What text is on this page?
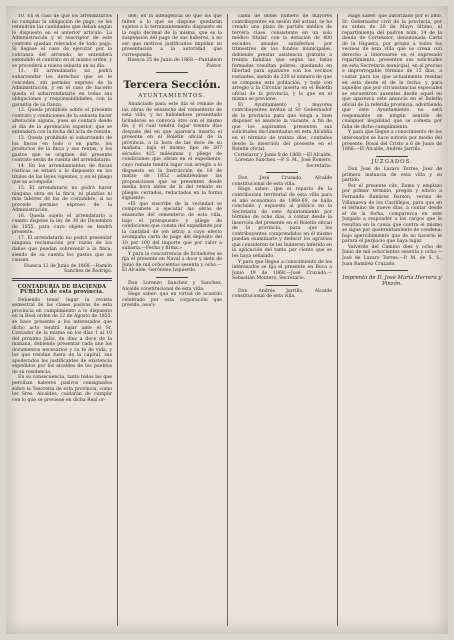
10. En el caso de que los arrendatarios no cumplan la obligación de pago, se les retendrán las cantidades que deban según lo dispuesto en el anterior artículo. La Administración y el suscriptor de este contrato quedan relevados de todo pago. Si llegase el caso de ejecutar por la cobranza del arriendo, se entenderá extendido el contrato en el mismo orden, y se procederá a nueva subasta en su día.

11. El arrendatario no podrá subarrendar los derechos que se le conceden, sin permiso expreso de la Administración, y en el caso de hacerlo queda el subarrendatario en todas sus obligaciones y responsabilidades, con la garantía de su fianza.

12. Queda prohibido sobre el presente contrato y condiciones de la subasta hacer alteración alguna, pues se contará desde el día de la aprobación superior, que se entenderá con la fecha del acta de remate.

13. Queda prohibido el subarriendo de los fincas en todo o en parte, los productos de la finca y sus rentas, y los gastos que se originen del presente contrato serán de cuenta del arrendatario.

14. En los arrendamientos de fincas rústicas se estará a lo dispuesto en los títulos de las leyes vigentes, y en el pliego que se acompañe.

15. El arrendatario no podrá hacer ninguna obra en la finca, ni plantíos ni más labores de las de costumbre, si no precede permiso expreso de la Administración.

16. Queda sujeto el arrendatario a cuanto dispone la ley de 30 de Diciembre de 1855, para cuyo objeto se tendrá presente.

17. El arrendatario no podrá presentar ninguna reclamación por razón de los daños que puedan sobrevenir a la finca, siendo de su cuenta los gastos que se causen.

Huesca 12 de Junio de 1868.—Ramón Sanchez de Rodrigo.

CONTADURIA DE HACIENDA PÚBLICA de esta provincia.

Debiendo tener lugar la revista semestral de las clases pasivas de esta provincia en cumplimiento a lo dispuesto en la Real orden de 22 de Agosto de 1855, se hace presente a los interesados que dicho acto tendrá lugar ante el Sr. Contador de la misma en los días 1 al 10 del próximo Julio, de diez a doce de la mañana, debiendo presentar cada uno los documentos necesarios y su fe de vida, y los que residan fuera de la capital, sus apoderados los justificantes de existencia expedidos por los alcaldes de los pueblos de su residencia.

En su consecuencia, tanto todos los que perciban haberes pasivos consignados sobre la Tesorería de esta provincia, como los Sres. Alcaldes, cuidarán de cumplir con lo que se previene en dicha Real or-

den; en la inteligencia de que los que falten a lo que se dispone quedarán sujetos a lo terminantemente dispuesto en la regla decimal de la misma, que es la suspensión del pago de sus haberes, a no ser que motivos justificados impidan su presentación a la autoridad que corresponda.

Huesca 25 de Junio de 1868.—Pantaleón Pastor.

Tercera Sección.

AYUNTAMIENTOS.

Anunciado para este día el remate de las obras de ensanche del cementerio de esta villa, y no habiéndose presentado licitadores se convoca otro con el mismo fin, y el cual tendrá lugar treinta días después del en que aparezca inserto el presente en el Boletín oficial de la provincia, a la hora de las doce de su mañana, bajo el mismo tipo de 207 escudos 425 milésimas y pliego de condiciones que obran en el expediente, cuyo remate tendrá lugar con arreglo a lo dispuesto en la Instrucción de 18 de marzo de 1852 admitiéndose las proposiciones que se presenten desde media hora antes de la del remate en pliegos cerrados, redactados en la forma siguiente:

«El que suscribe de la vecindad se compromete a ejecutar las obras de ensanche del cementerio de esta villa, bajo el presupuesto y pliego de condiciones que consta del expediente por la cantidad de (en letra) a cuyo efecto acompaña carta de pago del depósito del 10 por 100 del importe que por valor a subasta.—Fecha y firma.»

Y para la concurrencia de licitadores se fija el presente en Naval a doce y siete de Junio de mil ochocientos sesenta y ocho.—El Alcalde, Gerónimo Izquierdo.

Don Lorenzo Sanchez y Sanchez, Alcalde constitucional de esta villa.

Hago saber: que en virtud de acuerdo celebrado por esta corporación que presido, asoci-

ciada de doble número de mayores contribuyentes en sesión del actual, se ha creado una plaza de partido médico de tercera clase, consistente en un solo médico titular, con la dotación de 400 escudos anuales satisfechos por trimestres de los fondos municipales, debiendo prestar asistencia gratuita a treinta familias que según las listas formadas resultan pobres, quedando en libertad para ajustarse con los vecinos restantes, siendo de 230 el número de que se compone esta población, y todo con arreglo a la Circular inserta en el Boletín oficial de la provincia, y lo que en el mismo se previene.

El Ayuntamiento y mayores contribuyentes invitan al Sr. Gobernador de la provincia para que tenga a bien disponer se anuncie la vacante, a fin de que los aspirantes presenten sus solicitudes documentadas en esta Alcaldía en el término de treinta días, contados desde la inserción del presente en el Boletín oficial.

Cortelazor y Junio 8 de 1868.—El Alcalde, Lorenzo Sanchez.—P. S. M., José Romero, Secretario.

Don José Cruzado, Alcalde constitucional de esta villa.

Hago saber: que el reparto de la contribución territorial de esta villa para el año económico de 1868-69, se halla concluido y expuesto al público en la Secretaría de este Ayuntamiento por término de ocho días, a contar desde la inserción del presente en el Boletín oficial de la provincia, para que los contribuyentes comprendidos en él mismo puedan examinarle y deducir los agravios que consideren se les hubieren inferido en la aplicación del tanto por ciento que se les haya señalado.

Y para que llegue a conocimiento de los interesados se fija el presente en Boca a Junio 19 de 1868.—José Cruzado.—Sebastián Montero, Secretario.

Don Andrés Jarrillo, Alcalde constitucional de esta villa.

Hago saber: que autorizado por el limo. Sr. Gobernador civil de la provincia, por su orden de 20 de Mayo último, el repartimiento del padrón núm. 24 de la deuda de Cortelazor, denominada Carta de la Higuera, por propio a todos los vecinos de esta villa que se crean con derecho a interesarse en el expresado repartimiento, presenten sus solicitudes en esta Secretaría municipal, en el preciso e improrrogable término de 15 días, a contar para los que actualmente residan en esta desde el de la fecha; y para aquellos que por circunstancias especiales se encuentren ausentes desde aquel en que aparezca este anuncio en el Boletín oficial de la referida provincia, advirtiendo que este Ayuntamiento no será responsable en ningún sentido de cualquier ilegalidad que se cometa por falta de dicho cumplimiento.

Y para que llegue a conocimiento de los interesados se hace notorio por medio del presente. Bosal del Cristo a 6 de Junio de 1868.—El Alcalde, Andrés Jarrillo.

JUZGADOS.

Don José de Lazaro Torres, Juez de primera instancia de esta villa y su partido.

Por el presente cito, llamo y emplazo por primer término, pregón y edicto a Fernando Ramírez Barsón, vecino de Villanueva de los Castillejos, para que en el término de nueve días, a contar desde el de la fecha, comparezca en este Juzgado a responder a los cargos que le resultan en la causa que contra el mismo se sigue por quebrantamiento de condena; bajo apercibimiento que de no hacerlo le parará el perjuicio que haya lugar.

Valverde del Camino diez y ocho de Junio de mil ochocientos sesenta y ocho.—José de Lazaro Torres.—P. M. de S. S., Juan Ramírez Cruzado.

Imprenta de D. José María Herrera y Pinzón.
